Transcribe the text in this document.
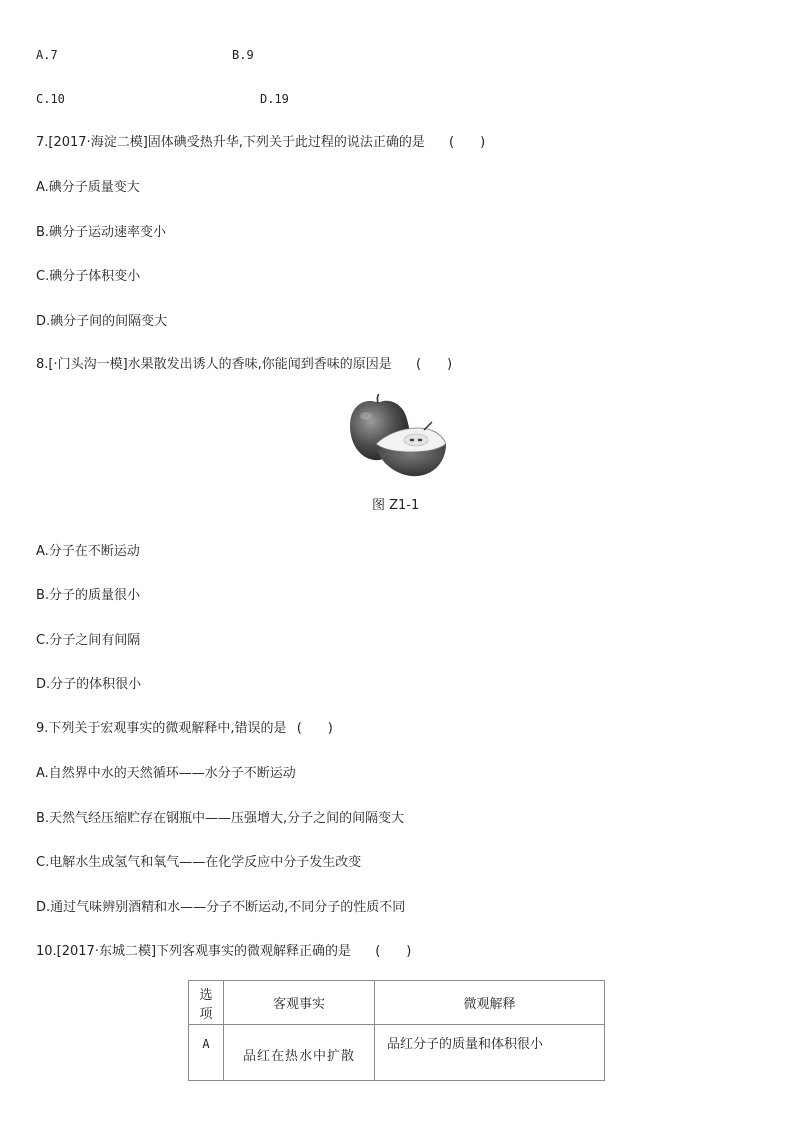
A.7	B.9
C.10	D.19
7.[2017·海淀二模]固体碘受热升华,下列关于此过程的说法正确的是 (　　)
A.碘分子质量变大
B.碘分子运动速率变小
C.碘分子体积变小
D.碘分子间的间隔变大
8.[·门头沟一模]水果散发出诱人的香味,你能闻到香味的原因是 (　　)
图 Z1-1
A.分子在不断运动
B.分子的质量很小
C.分子之间有间隔
D.分子的体积很小
9.下列关于宏观事实的微观解释中,错误的是 (　　)
A.自然界中水的天然循环——水分子不断运动
B.天然气经压缩贮存在钢瓶中——压强增大,分子之间的间隔变大
C.电解水生成氢气和氧气——在化学反应中分子发生改变
D.通过气味辨别酒精和水——分子不断运动,不同分子的性质不同
10.[2017·东城二模]下列客观事实的微观解释正确的是 (　　)
选项	客观事实	微观解释
A	品红在热水中扩散	品红分子的质量和体积很小
